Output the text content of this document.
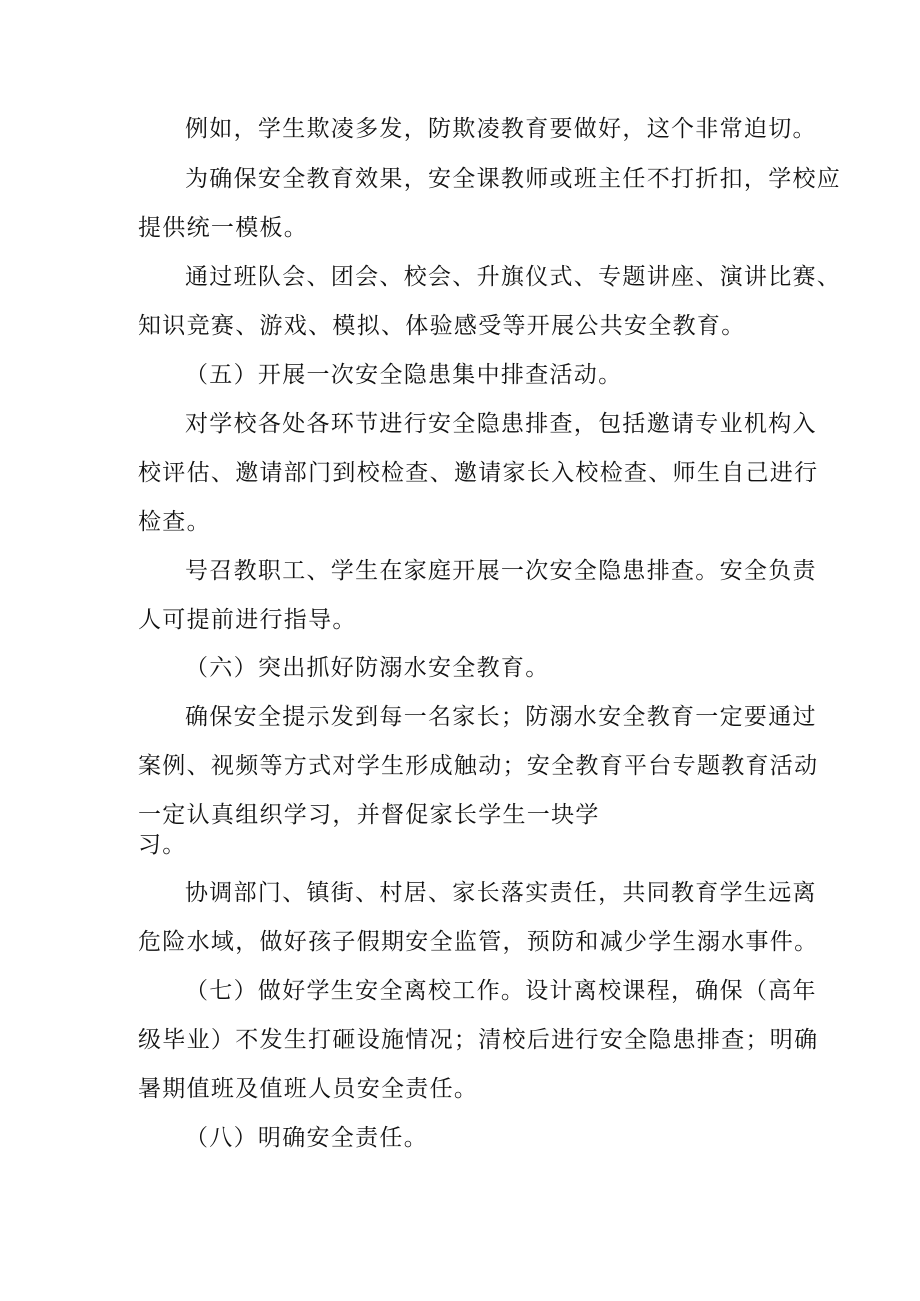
例如，学生欺凌多发，防欺凌教育要做好，这个非常迫切。
为确保安全教育效果，安全课教师或班主任不打折扣，学校应
提供统一模板。
通过班队会、团会、校会、升旗仪式、专题讲座、演讲比赛、
知识竞赛、游戏、模拟、体验感受等开展公共安全教育。
（五）开展一次安全隐患集中排查活动。
对学校各处各环节进行安全隐患排查，包括邀请专业机构入
校评估、邀请部门到校检查、邀请家长入校检查、师生自己进行
检查。
号召教职工、学生在家庭开展一次安全隐患排查。安全负责
人可提前进行指导。
（六）突出抓好防溺水安全教育。
确保安全提示发到每一名家长；防溺水安全教育一定要通过
案例、视频等方式对学生形成触动；安全教育平台专题教育活动
一定认真组织学习，并督促家长学生一块学
习。
协调部门、镇街、村居、家长落实责任，共同教育学生远离
危险水域，做好孩子假期安全监管，预防和减少学生溺水事件。
（七）做好学生安全离校工作。设计离校课程，确保（高年
级毕业）不发生打砸设施情况；清校后进行安全隐患排查；明确
暑期值班及值班人员安全责任。
（八）明确安全责任。
